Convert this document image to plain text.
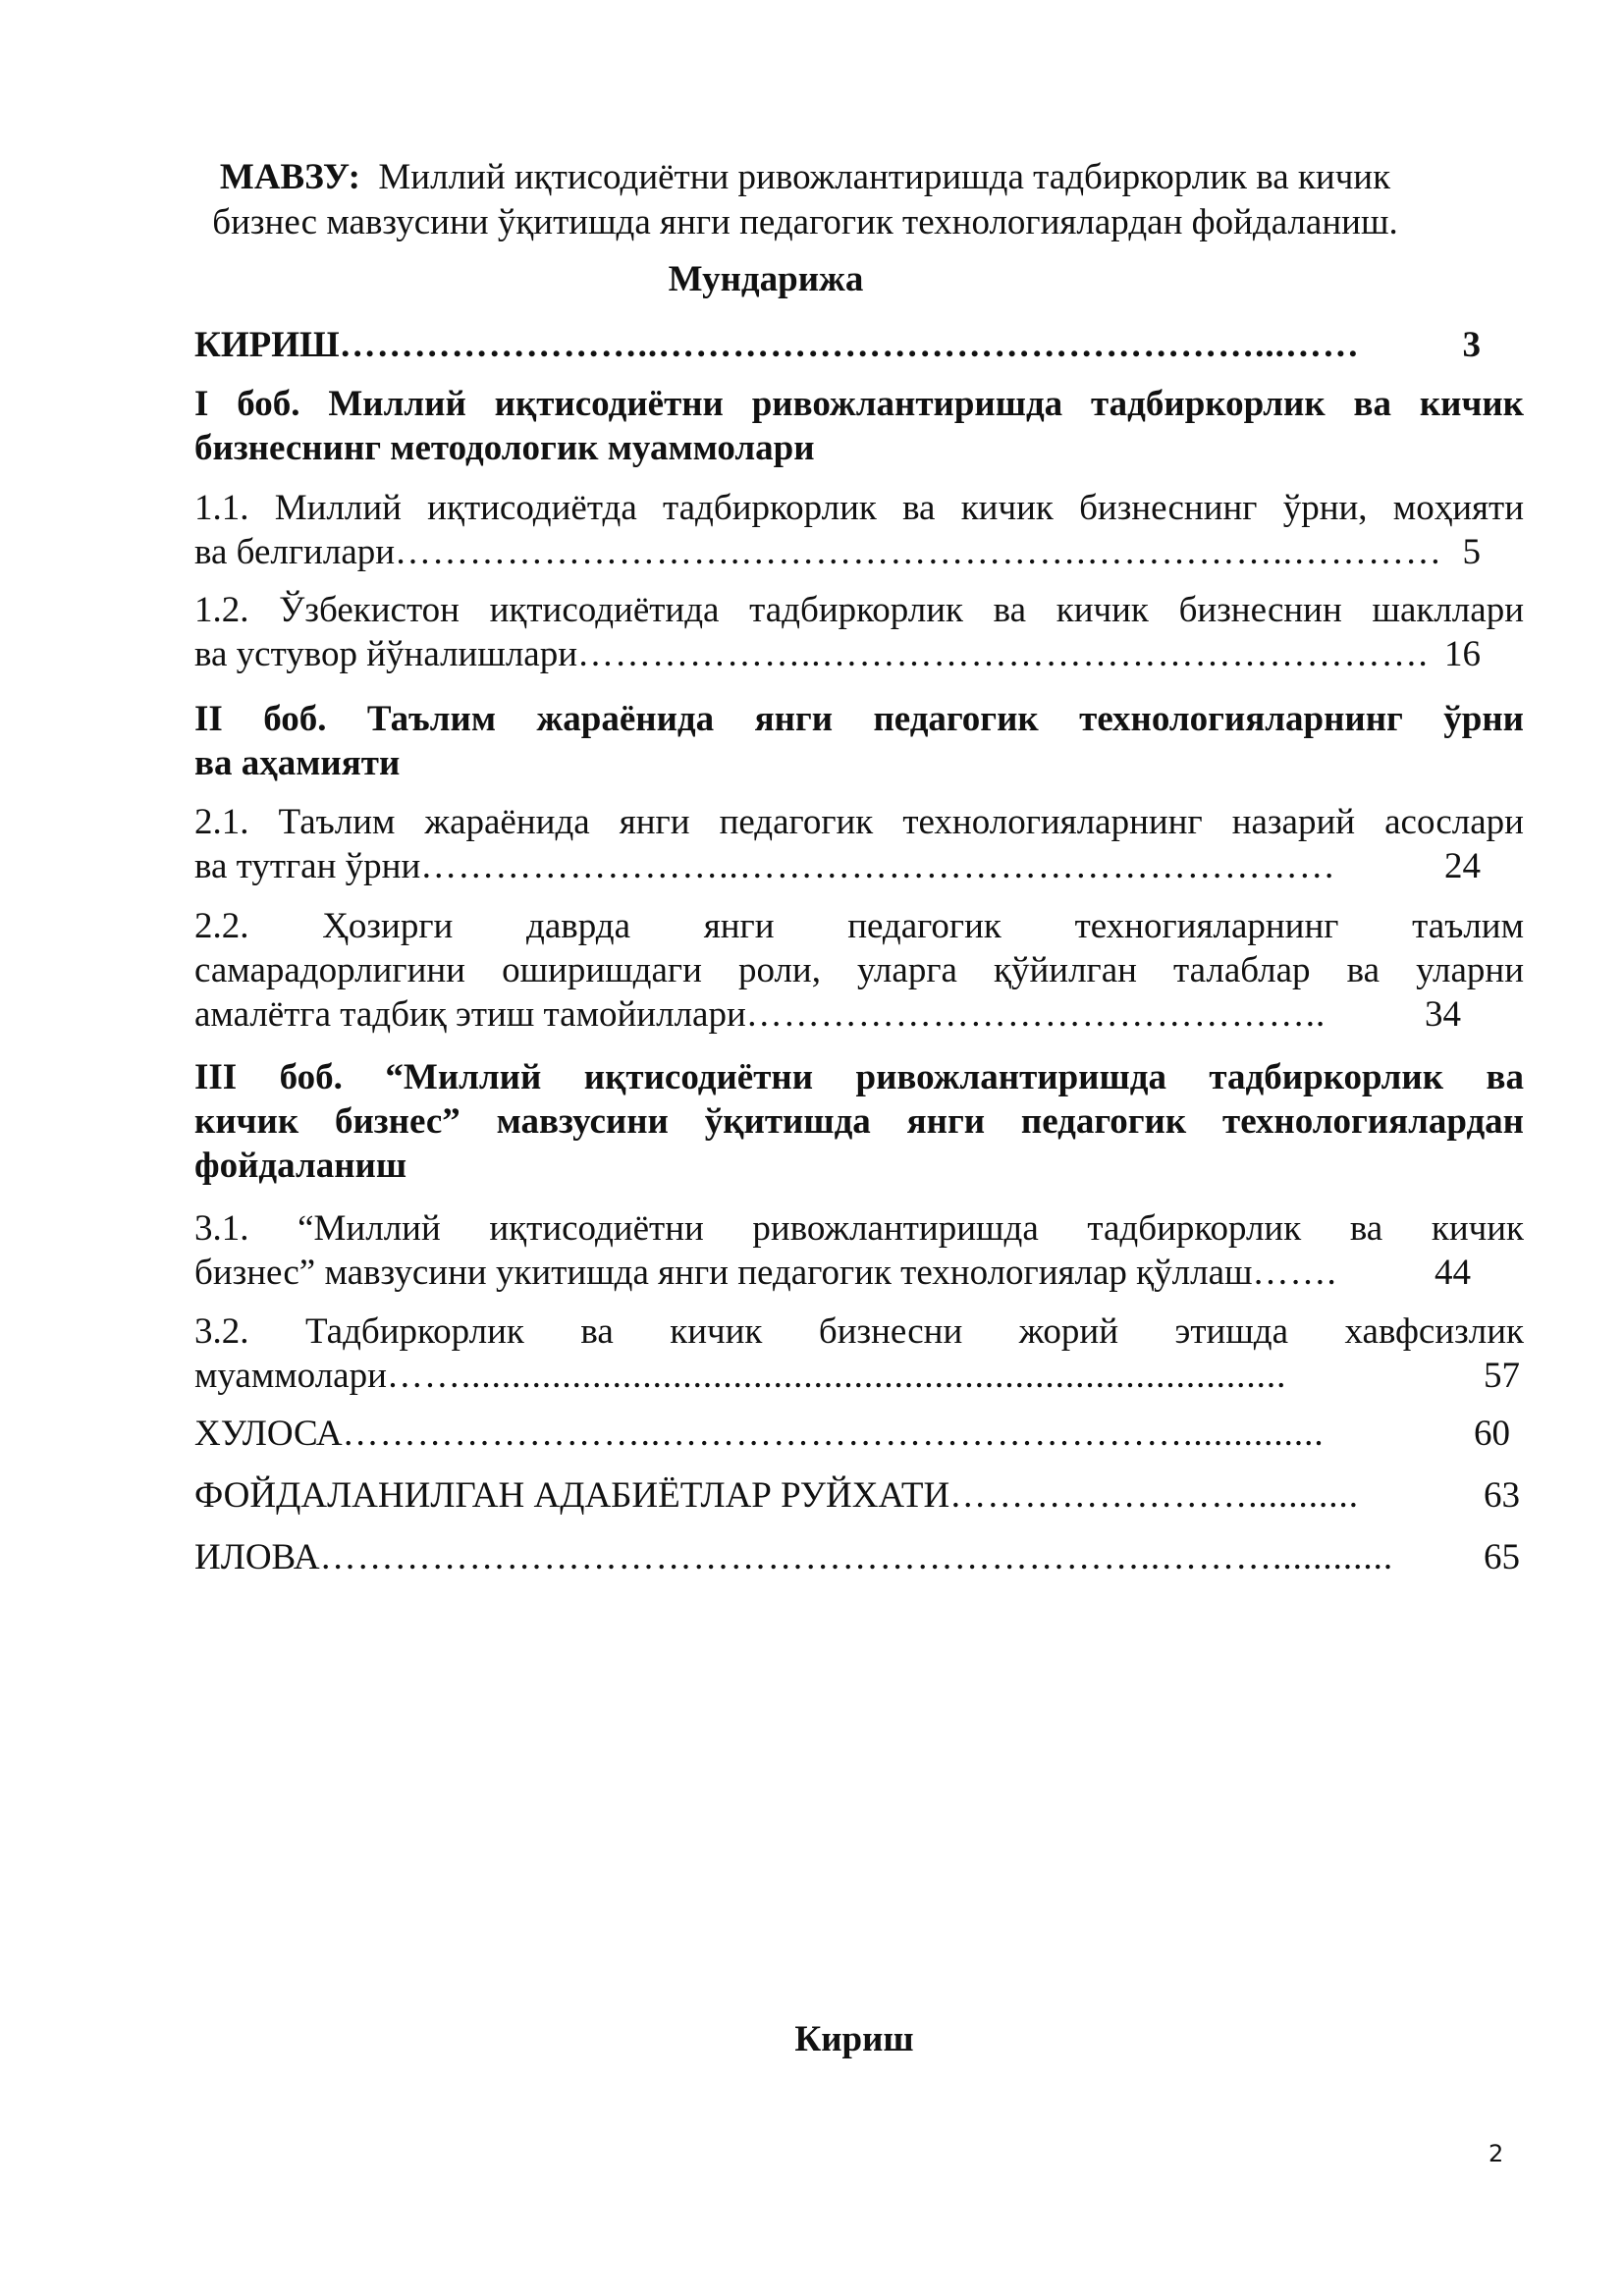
МАВЗУ: Миллий иқтисодиётни ривожлантиришда тадбиркорлик ва кичик
бизнес мавзусини ўқитишда янги педагогик технологиялардан фойдаланиш.
Мундарижа
КИРИШ ……………………..…………………………………………...……	3
I боб. Миллий иқтисодиётни ривожлантиришда тадбиркорлик ва кичик
бизнеснинг методологик муаммолари
1.1. Миллий иқтисодиётда тадбиркорлик ва кичик бизнеснинг ўрни, моҳияти
ва белгилари ……………………….……………………….……………..………… 5
1.2. Ўзбекистон иқтисодиётида тадбиркорлик ва кичик бизнеснин шакллари
ва устувор йўналишлари ………………..…………………………………………. 16
II боб. Таълим жараёнида янги педагогик технологияларнинг ўрни
ва аҳамияти
2.1. Таълим жараёнида янги педагогик технологияларнинг назарий асослари
ва тутган ўрни ……………………..…………………………………………	24
2.2. Ҳозирги даврда янги педагогик техногияларнинг таълим
самарадорлигини оширишдаги роли, уларга қўйилган талаблар ва уларни
амалётга тадбиқ этиш тамойиллари ………………………………………..	34
III боб. “Миллий иқтисодиётни ривожлантиришда тадбиркорлик ва
кичик бизнес” мавзусини ўқитишда янги педагогик технологиялардан
фойдаланиш
3.1. “Миллий иқтисодиётни ривожлантиришда тадбиркорлик ва кичик
бизнес” мавзусини укитишда янги педагогик технологиялар қўллаш …….	44
3.2. Тадбиркорлик ва кичик бизнесни жорий этишда хавфсизлик
муаммолари ……..................................................................................	57
ХУЛОСА ……………………..……………………………………..............	60
ФОЙДАЛАНИЛГАН АДАБИЁТЛАР РУЙХАТИ ……………………...........	63
ИЛОВА …………………………………………………………..………............	65
Кириш
2
